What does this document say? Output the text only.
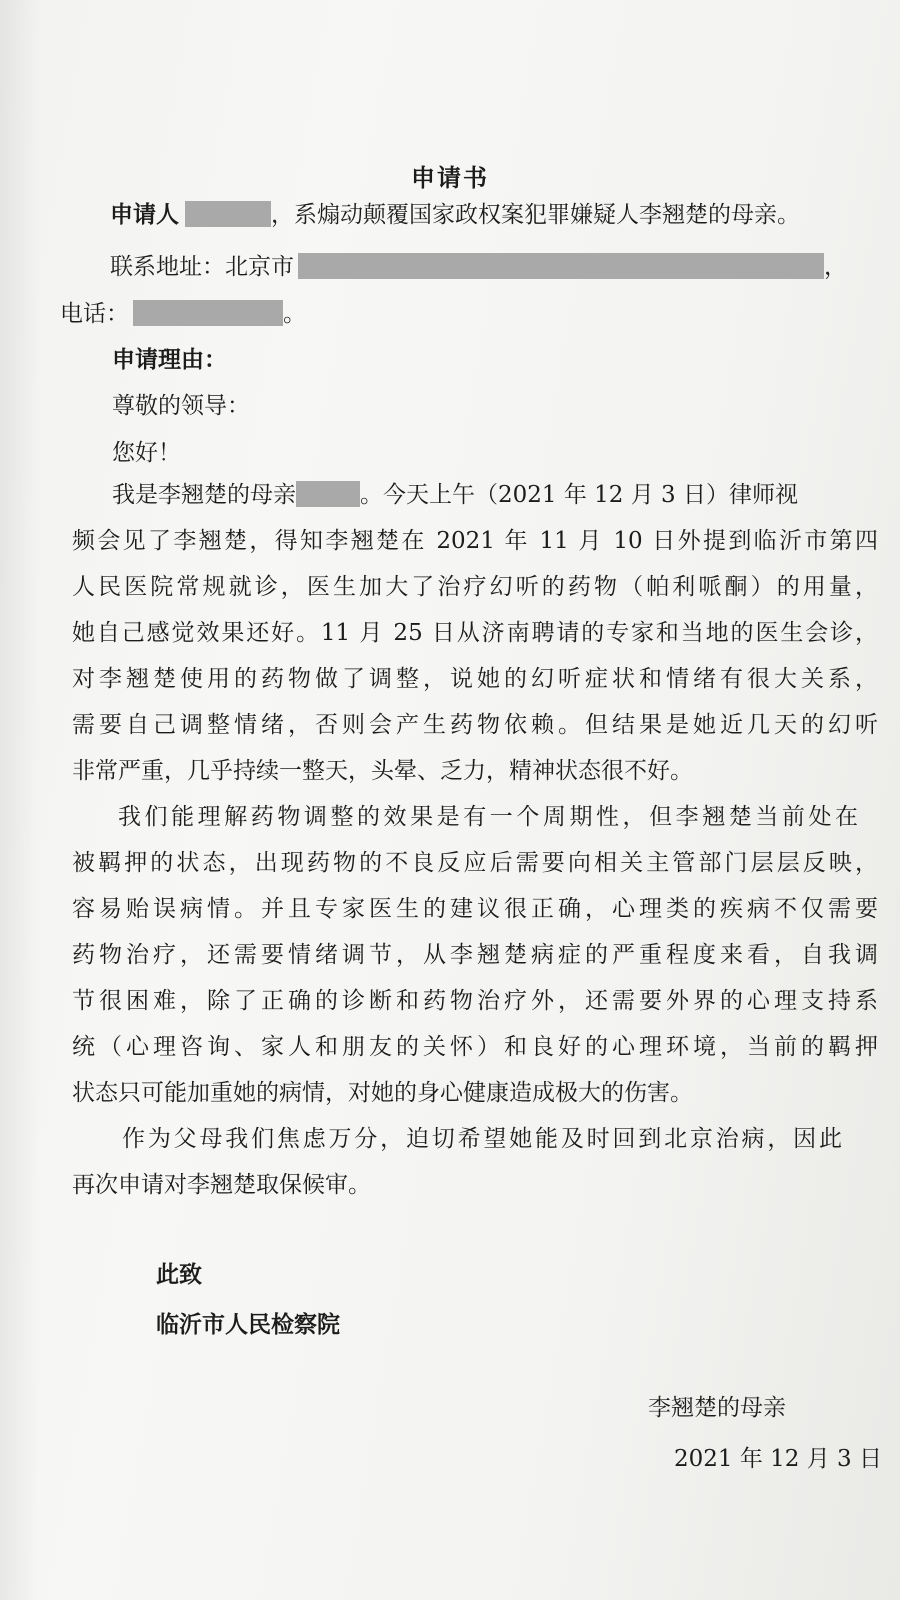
申请书
申请人	，系煽动颠覆国家政权案犯罪嫌疑人李翘楚的母亲。
联系地址：北京市	，
电话：	。
申请理由：
尊敬的领导：
您好！
我是李翘楚的母亲	。今天上午（2021 年 12 月 3 日）律师视
频会见了李翘楚，得知李翘楚在 2021 年 11 月 10 日外提到临沂市第四
人民医院常规就诊，医生加大了治疗幻听的药物（帕利哌酮）的用量，
她自己感觉效果还好。11 月 25 日从济南聘请的专家和当地的医生会诊，
对李翘楚使用的药物做了调整，说她的幻听症状和情绪有很大关系，
需要自己调整情绪，否则会产生药物依赖。但结果是她近几天的幻听
非常严重，几乎持续一整天，头晕、乏力，精神状态很不好。
我们能理解药物调整的效果是有一个周期性，但李翘楚当前处在
被羁押的状态，出现药物的不良反应后需要向相关主管部门层层反映，
容易贻误病情。并且专家医生的建议很正确，心理类的疾病不仅需要
药物治疗，还需要情绪调节，从李翘楚病症的严重程度来看，自我调
节很困难，除了正确的诊断和药物治疗外，还需要外界的心理支持系
统（心理咨询、家人和朋友的关怀）和良好的心理环境，当前的羁押
状态只可能加重她的病情，对她的身心健康造成极大的伤害。
作为父母我们焦虑万分，迫切希望她能及时回到北京治病，因此
再次申请对李翘楚取保候审。
此致
临沂市人民检察院
李翘楚的母亲
2021 年 12 月 3 日
